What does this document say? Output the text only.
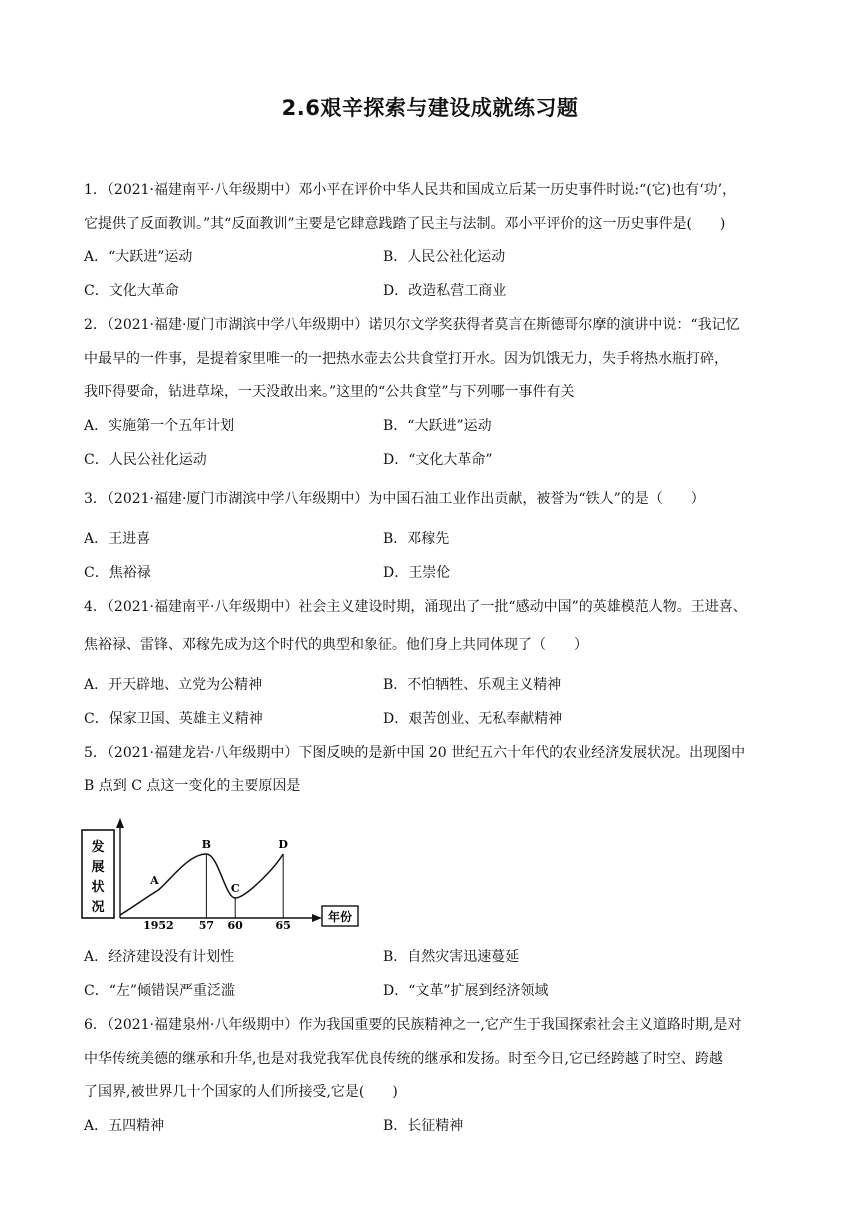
2.6艰辛探索与建设成就练习题
1．（2021·福建南平·八年级期中）邓小平在评价中华人民共和国成立后某一历史事件时说:“(它)也有‘功’，
它提供了反面教训。”其“反面教训”主要是它肆意践踏了民主与法制。邓小平评价的这一历史事件是(　　)
A．“大跃进”运动	B．人民公社化运动
C．文化大革命	D．改造私营工商业
2．（2021·福建·厦门市湖滨中学八年级期中）诺贝尔文学奖获得者莫言在斯德哥尔摩的演讲中说：“我记忆
中最早的一件事，是提着家里唯一的一把热水壶去公共食堂打开水。因为饥饿无力，失手将热水瓶打碎，
我吓得要命，钻进草垛，一天没敢出来。”这里的“公共食堂”与下列哪一事件有关
A．实施第一个五年计划	B．“大跃进”运动
C．人民公社化运动	D．“文化大革命”
3．（2021·福建·厦门市湖滨中学八年级期中）为中国石油工业作出贡献，被誉为“铁人”的是（　　）
A．王进喜	B．邓稼先
C．焦裕禄	D．王崇伦
4．（2021·福建南平·八年级期中）社会主义建设时期，涌现出了一批“感动中国”的英雄模范人物。王进喜、
焦裕禄、雷锋、邓稼先成为这个时代的典型和象征。他们身上共同体现了（　　）
A．开天辟地、立党为公精神	B．不怕牺牲、乐观主义精神
C．保家卫国、英雄主义精神	D．艰苦创业、无私奉献精神
5．（2021·福建龙岩·八年级期中）下图反映的是新中国 20 世纪五六十年代的农业经济发展状况。出现图中
B 点到 C 点这一变化的主要原因是
发
展
状
况
年份
A
B
C
D
1952 57 60	65
A．经济建设没有计划性	B．自然灾害迅速蔓延
C．“左”倾错误严重泛滥	D．“文革”扩展到经济领域
6．（2021·福建泉州·八年级期中）作为我国重要的民族精神之一,它产生于我国探索社会主义道路时期,是对
中华传统美德的继承和升华,也是对我党我军优良传统的继承和发扬。时至今日,它已经跨越了时空、跨越
了国界,被世界几十个国家的人们所接受,它是(　　)
A．五四精神	B．长征精神
